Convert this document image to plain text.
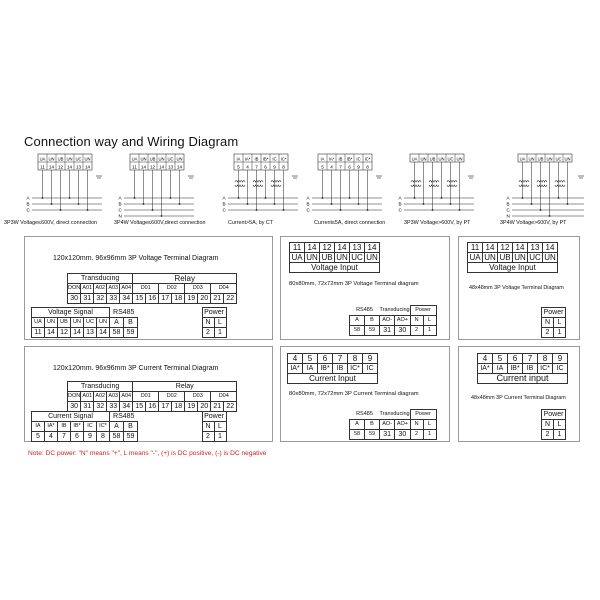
Connection way and Wiring Diagram
UA UN UB UN UC UN
11 14 12 14 13 14
A
B
C
3P3W Voltage≤600V, direct connection
UA UN UB UN UC UN
11 14 12 14 13 14
A
B
C
N
3P4W Voltage≤600V,direct connection
IA IA* IB IB* IC IC*
5 4 7 6 9 8
A
B
C
Current>5A, by CT
IA IA* IB IB* IC IC*
5 4 7 6 9 8
A
B
C
Current≤5A, direct connection
UA UN UB UN UC UN
A
B
C
3P3W Voltage>600V, by PT
UA UN UB UN UC UN
A
B
C
N
3P4W Voltage>600V, by PT
120x120mm. 96x96mm 3P Voltage Terminal Diagram
Transducing					Relay							
DON	A01	A02	A03	A04	D01		D02		D03		D04	
30	31	32	33	34	15	16	17	18	19	20	21	22
Voltage Signal						RS485			Power	
UA	UN	UB	UN	UC	UN	A	B		N	L
11	14	12	14	13	14	58	59		2	1
11	14	12	14	13	14
UA	UN	UB	UN	UC	UN
Voltage Input					
80x80mm, 72x72mm 3P Voltage Terminal diagram
RS485		Transducing		Power	
A	B	AO-	AO+	N	L
58	59	31	30	2	1
11	14	12	14	13	14
UA	UN	UB	UN	UC	UN
Voltage Input					
48x48mm 3P Voltage Terminal Diagram
Power	
N	L
2	1
120x120mm. 96x96mm 3P Current Terminal Diagram
Transducing					Relay							
DON	A01	A02	A03	A04	D01		D02		D03		D04	
30	31	32	33	34	15	16	17	18	19	20	21	22
Current Signal						RS485			Power	
IA	IA*	IB	IB*	IC	IC*	A	B		N	L
5	4	7	6	9	8	58	59		2	1
4	5	6	7	8	9
IA*	IA	IB*	IB	IC*	IC
Current Input					
80x80mm, 72x72mm 3P Current Terminal diagram
RS485		Transducing		Power	
A	B	AO-	AO+	N	L
58	59	31	30	2	1
4	5	6	7	8	9
IA*	IA	IB*	IB	IC*	IC
Current input					
48x48mm 3P Current Terminal Diagram
Power	
N	L
2	1
Note: DC power: "N" means "+", L means "-", (+) is DC positive, (-) is DC negative
